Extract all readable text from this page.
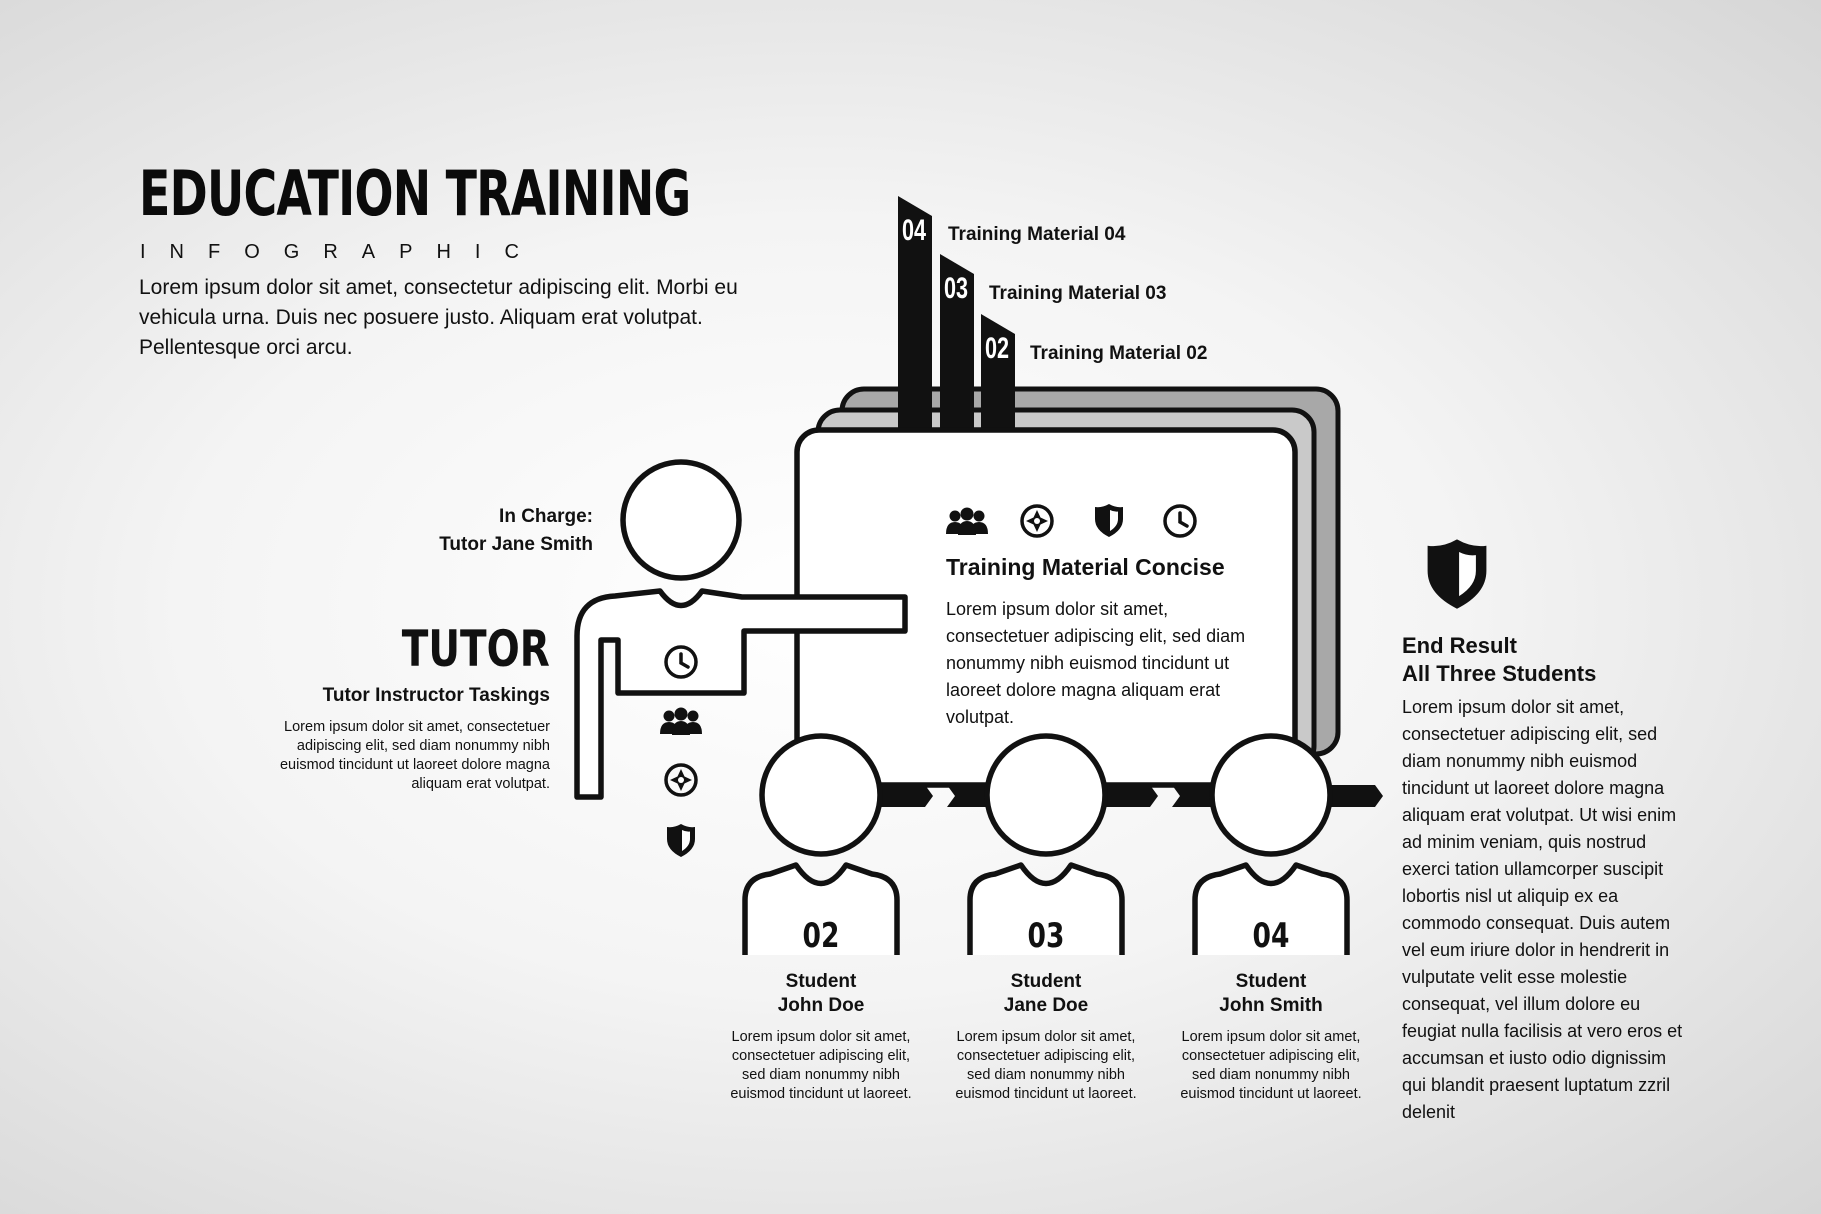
EDUCATION TRAINING
INFOGRAPHIC
Lorem ipsum dolor sit amet, consectetur adipiscing elit. Morbi eu vehicula urna. Duis nec posuere justo. Aliquam erat volutpat. Pellentesque orci arcu.
04
03
02
Training Material 04
Training Material 03
Training Material 02
Training Material Concise
Lorem ipsum dolor sit amet, consectetuer adipiscing elit, sed diam nonummy nibh euismod tincidunt ut laoreet dolore magna aliquam erat volutpat.
In Charge:
Tutor Jane Smith
TUTOR
Tutor Instructor Taskings
Lorem ipsum dolor sit amet, consectetuer adipiscing elit, sed diam nonummy nibh euismod tincidunt ut laoreet dolore magna aliquam erat volutpat.
02	03	04
Student
John Doe
Student
Jane Doe
Student
John Smith
Lorem ipsum dolor sit amet, consectetuer adipiscing elit, sed diam nonummy nibh euismod tincidunt ut laoreet.
Lorem ipsum dolor sit amet, consectetuer adipiscing elit, sed diam nonummy nibh euismod tincidunt ut laoreet.
Lorem ipsum dolor sit amet, consectetuer adipiscing elit, sed diam nonummy nibh euismod tincidunt ut laoreet.
End Result
All Three Students
Lorem ipsum dolor sit amet, consectetuer adipiscing elit, sed diam nonummy nibh euismod tincidunt ut laoreet dolore magna aliquam erat volutpat. Ut wisi enim ad minim veniam, quis nostrud exerci tation ullamcorper suscipit lobortis nisl ut aliquip ex ea commodo consequat. Duis autem vel eum iriure dolor in hendrerit in vulputate velit esse molestie consequat, vel illum dolore eu feugiat nulla facilisis at vero eros et accumsan et iusto odio dignissim qui blandit praesent luptatum zzril delenit
